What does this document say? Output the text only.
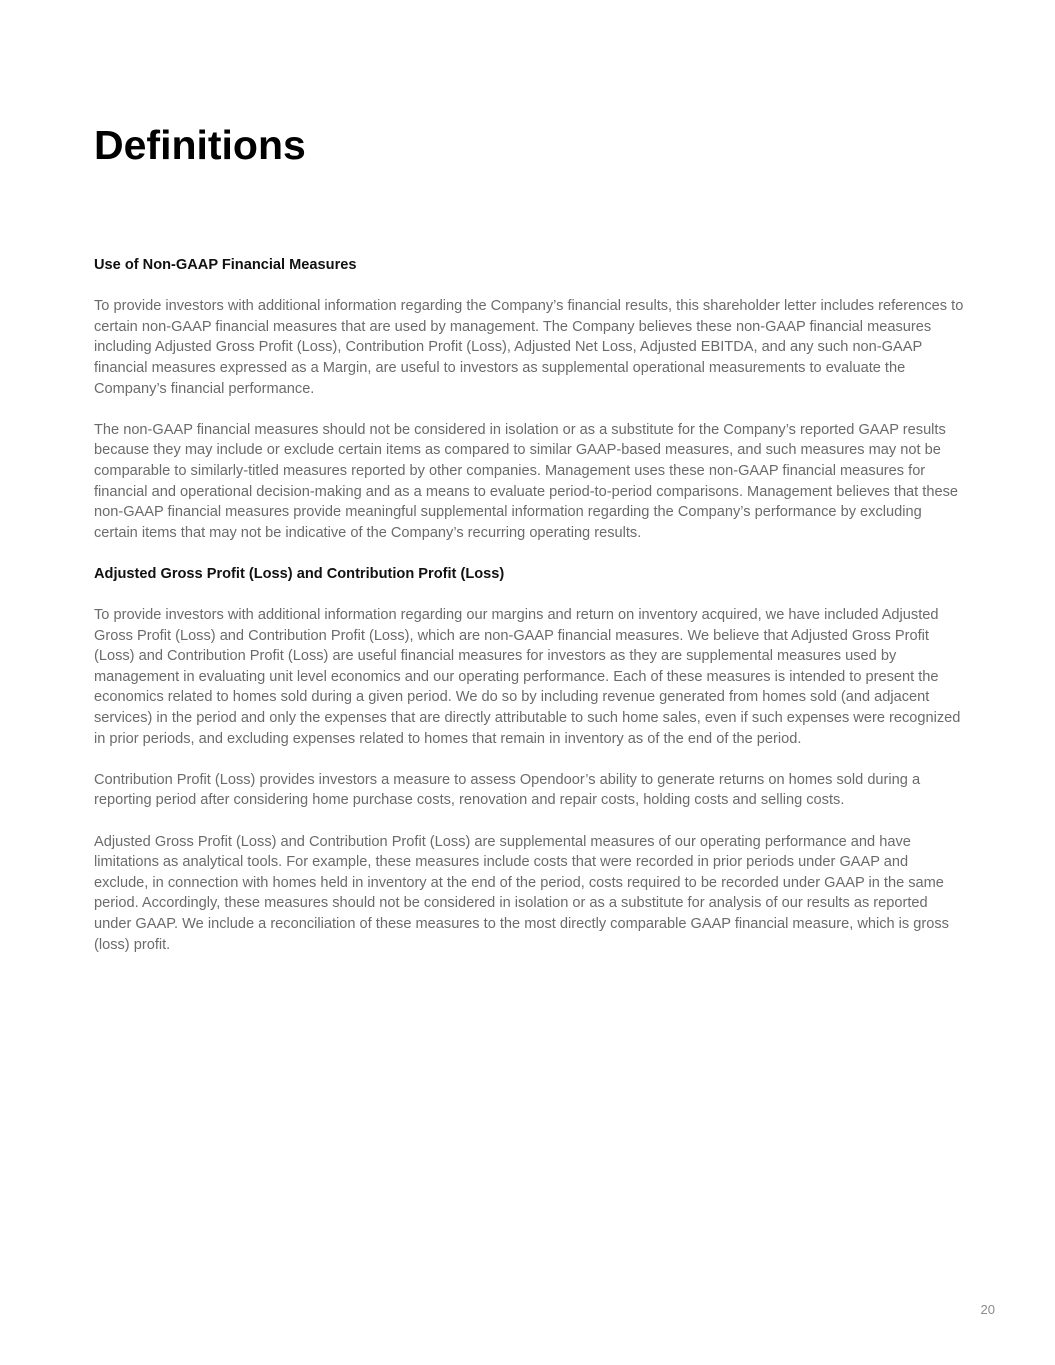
Definitions
Use of Non-GAAP Financial Measures

To provide investors with additional information regarding the Company’s financial results, this shareholder letter includes references to certain non-GAAP financial measures that are used by management. The Company believes these non-GAAP financial measures including Adjusted Gross Profit (Loss), Contribution Profit (Loss), Adjusted Net Loss, Adjusted EBITDA, and any such non-GAAP financial measures expressed as a Margin, are useful to investors as supplemental operational measurements to evaluate the Company’s financial performance.

The non-GAAP financial measures should not be considered in isolation or as a substitute for the Company’s reported GAAP results because they may include or exclude certain items as compared to similar GAAP-based measures, and such measures may not be comparable to similarly-titled measures reported by other companies. Management uses these non-GAAP financial measures for financial and operational decision-making and as a means to evaluate period-to-period comparisons. Management believes that these non-GAAP financial measures provide meaningful supplemental information regarding the Company’s performance by excluding certain items that may not be indicative of the Company’s recurring operating results.

Adjusted Gross Profit (Loss) and Contribution Profit (Loss)

To provide investors with additional information regarding our margins and return on inventory acquired, we have included Adjusted Gross Profit (Loss) and Contribution Profit (Loss), which are non-GAAP financial measures. We believe that Adjusted Gross Profit (Loss) and Contribution Profit (Loss) are useful financial measures for investors as they are supplemental measures used by management in evaluating unit level economics and our operating performance. Each of these measures is intended to present the economics related to homes sold during a given period. We do so by including revenue generated from homes sold (and adjacent services) in the period and only the expenses that are directly attributable to such home sales, even if such expenses were recognized in prior periods, and excluding expenses related to homes that remain in inventory as of the end of the period.

Contribution Profit (Loss) provides investors a measure to assess Opendoor’s ability to generate returns on homes sold during a reporting period after considering home purchase costs, renovation and repair costs, holding costs and selling costs.

Adjusted Gross Profit (Loss) and Contribution Profit (Loss) are supplemental measures of our operating performance and have limitations as analytical tools. For example, these measures include costs that were recorded in prior periods under GAAP and exclude, in connection with homes held in inventory at the end of the period, costs required to be recorded under GAAP in the same period. Accordingly, these measures should not be considered in isolation or as a substitute for analysis of our results as reported under GAAP. We include a reconciliation of these measures to the most directly comparable GAAP financial measure, which is gross (loss) profit.

20
